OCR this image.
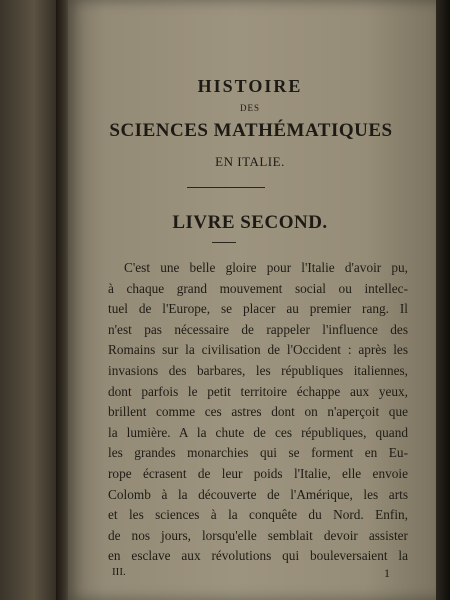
HISTOIRE
DES
SCIENCES MATHÉMATIQUES
EN ITALIE.
LIVRE SECOND.
C'est une belle gloire pour l'Italie d'avoir pu,
à chaque grand mouvement social ou intellec-
tuel de l'Europe, se placer au premier rang. Il
n'est pas nécessaire de rappeler l'influence des
Romains sur la civilisation de l'Occident : après les
invasions des barbares, les républiques italiennes,
dont parfois le petit territoire échappe aux yeux,
brillent comme ces astres dont on n'aperçoit que
la lumière. A la chute de ces républiques, quand
les grandes monarchies qui se forment en Eu-
rope écrasent de leur poids l'Italie, elle envoie
Colomb à la découverte de l'Amérique, les arts
et les sciences à la conquête du Nord. Enfin,
de nos jours, lorsqu'elle semblait devoir assister
en esclave aux révolutions qui bouleversaient la
III.	1
